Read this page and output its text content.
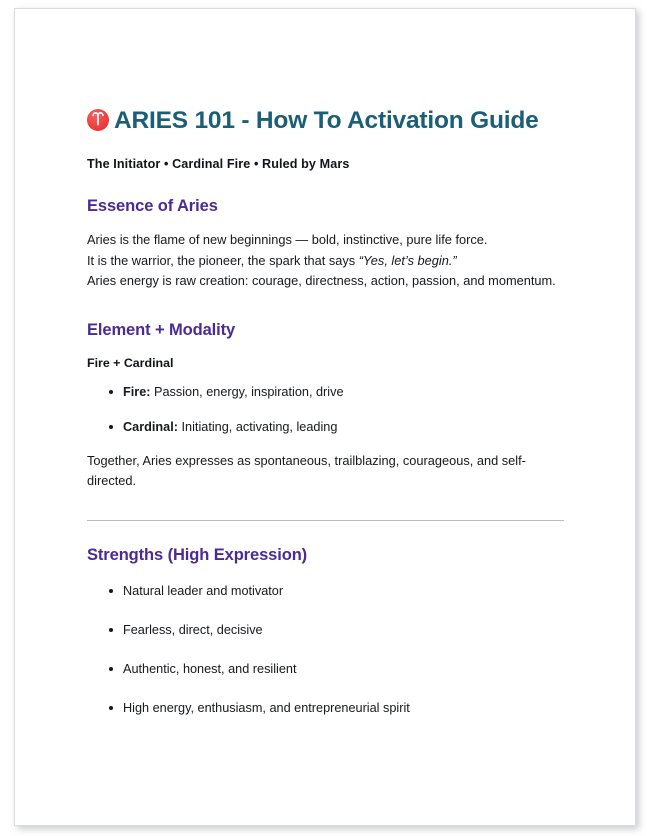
ARIES 101 - How To Activation Guide

The Initiator • Cardinal Fire • Ruled by Mars

Essence of Aries

Aries is the flame of new beginnings — bold, instinctive, pure life force.
It is the warrior, the pioneer, the spark that says “Yes, let’s begin.”
Aries energy is raw creation: courage, directness, action, passion, and momentum.

Element + Modality

Fire + Cardinal

Fire: Passion, energy, inspiration, drive
Cardinal: Initiating, activating, leading

Together, Aries expresses as spontaneous, trailblazing, courageous, and self-directed.

Strengths (High Expression)
Natural leader and motivator
Fearless, direct, decisive
Authentic, honest, and resilient
High energy, enthusiasm, and entrepreneurial spirit
